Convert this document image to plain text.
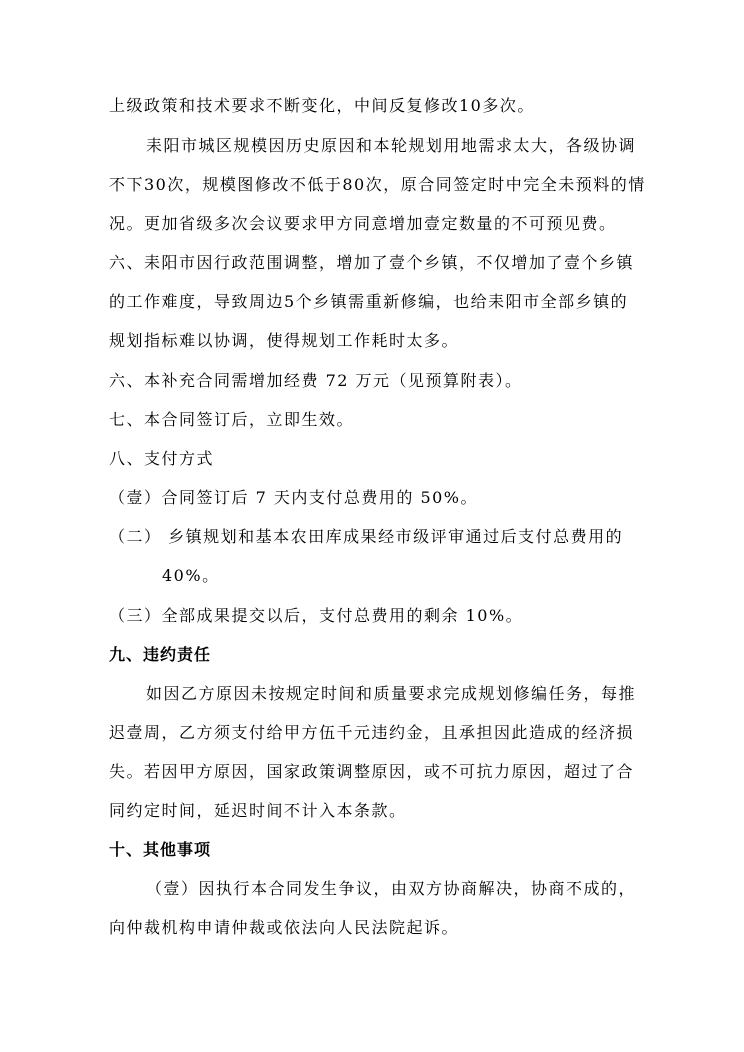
上级政策和技术要求不断变化，中间反复修改10多次。
耒阳市城区规模因历史原因和本轮规划用地需求太大，各级协调
不下30次，规模图修改不低于80次，原合同签定时中完全未预料的情
况。更加省级多次会议要求甲方同意增加壹定数量的不可预见费。
六、耒阳市因行政范围调整，增加了壹个乡镇，不仅增加了壹个乡镇
的工作难度，导致周边5个乡镇需重新修编，也给耒阳市全部乡镇的
规划指标难以协调，使得规划工作耗时太多。
六、本补充合同需增加经费 72 万元（见预算附表）。
七、本合同签订后，立即生效。
八、支付方式
（壹）合同签订后 7 天内支付总费用的 50%。
（二） 乡镇规划和基本农田库成果经市级评审通过后支付总费用的
40%。
（三）全部成果提交以后，支付总费用的剩余 10%。
九、违约责任
如因乙方原因未按规定时间和质量要求完成规划修编任务，每推
迟壹周，乙方须支付给甲方伍千元违约金，且承担因此造成的经济损
失。若因甲方原因，国家政策调整原因，或不可抗力原因，超过了合
同约定时间，延迟时间不计入本条款。
十、其他事项
（壹）因执行本合同发生争议，由双方协商解决，协商不成的，
向仲裁机构申请仲裁或依法向人民法院起诉。
